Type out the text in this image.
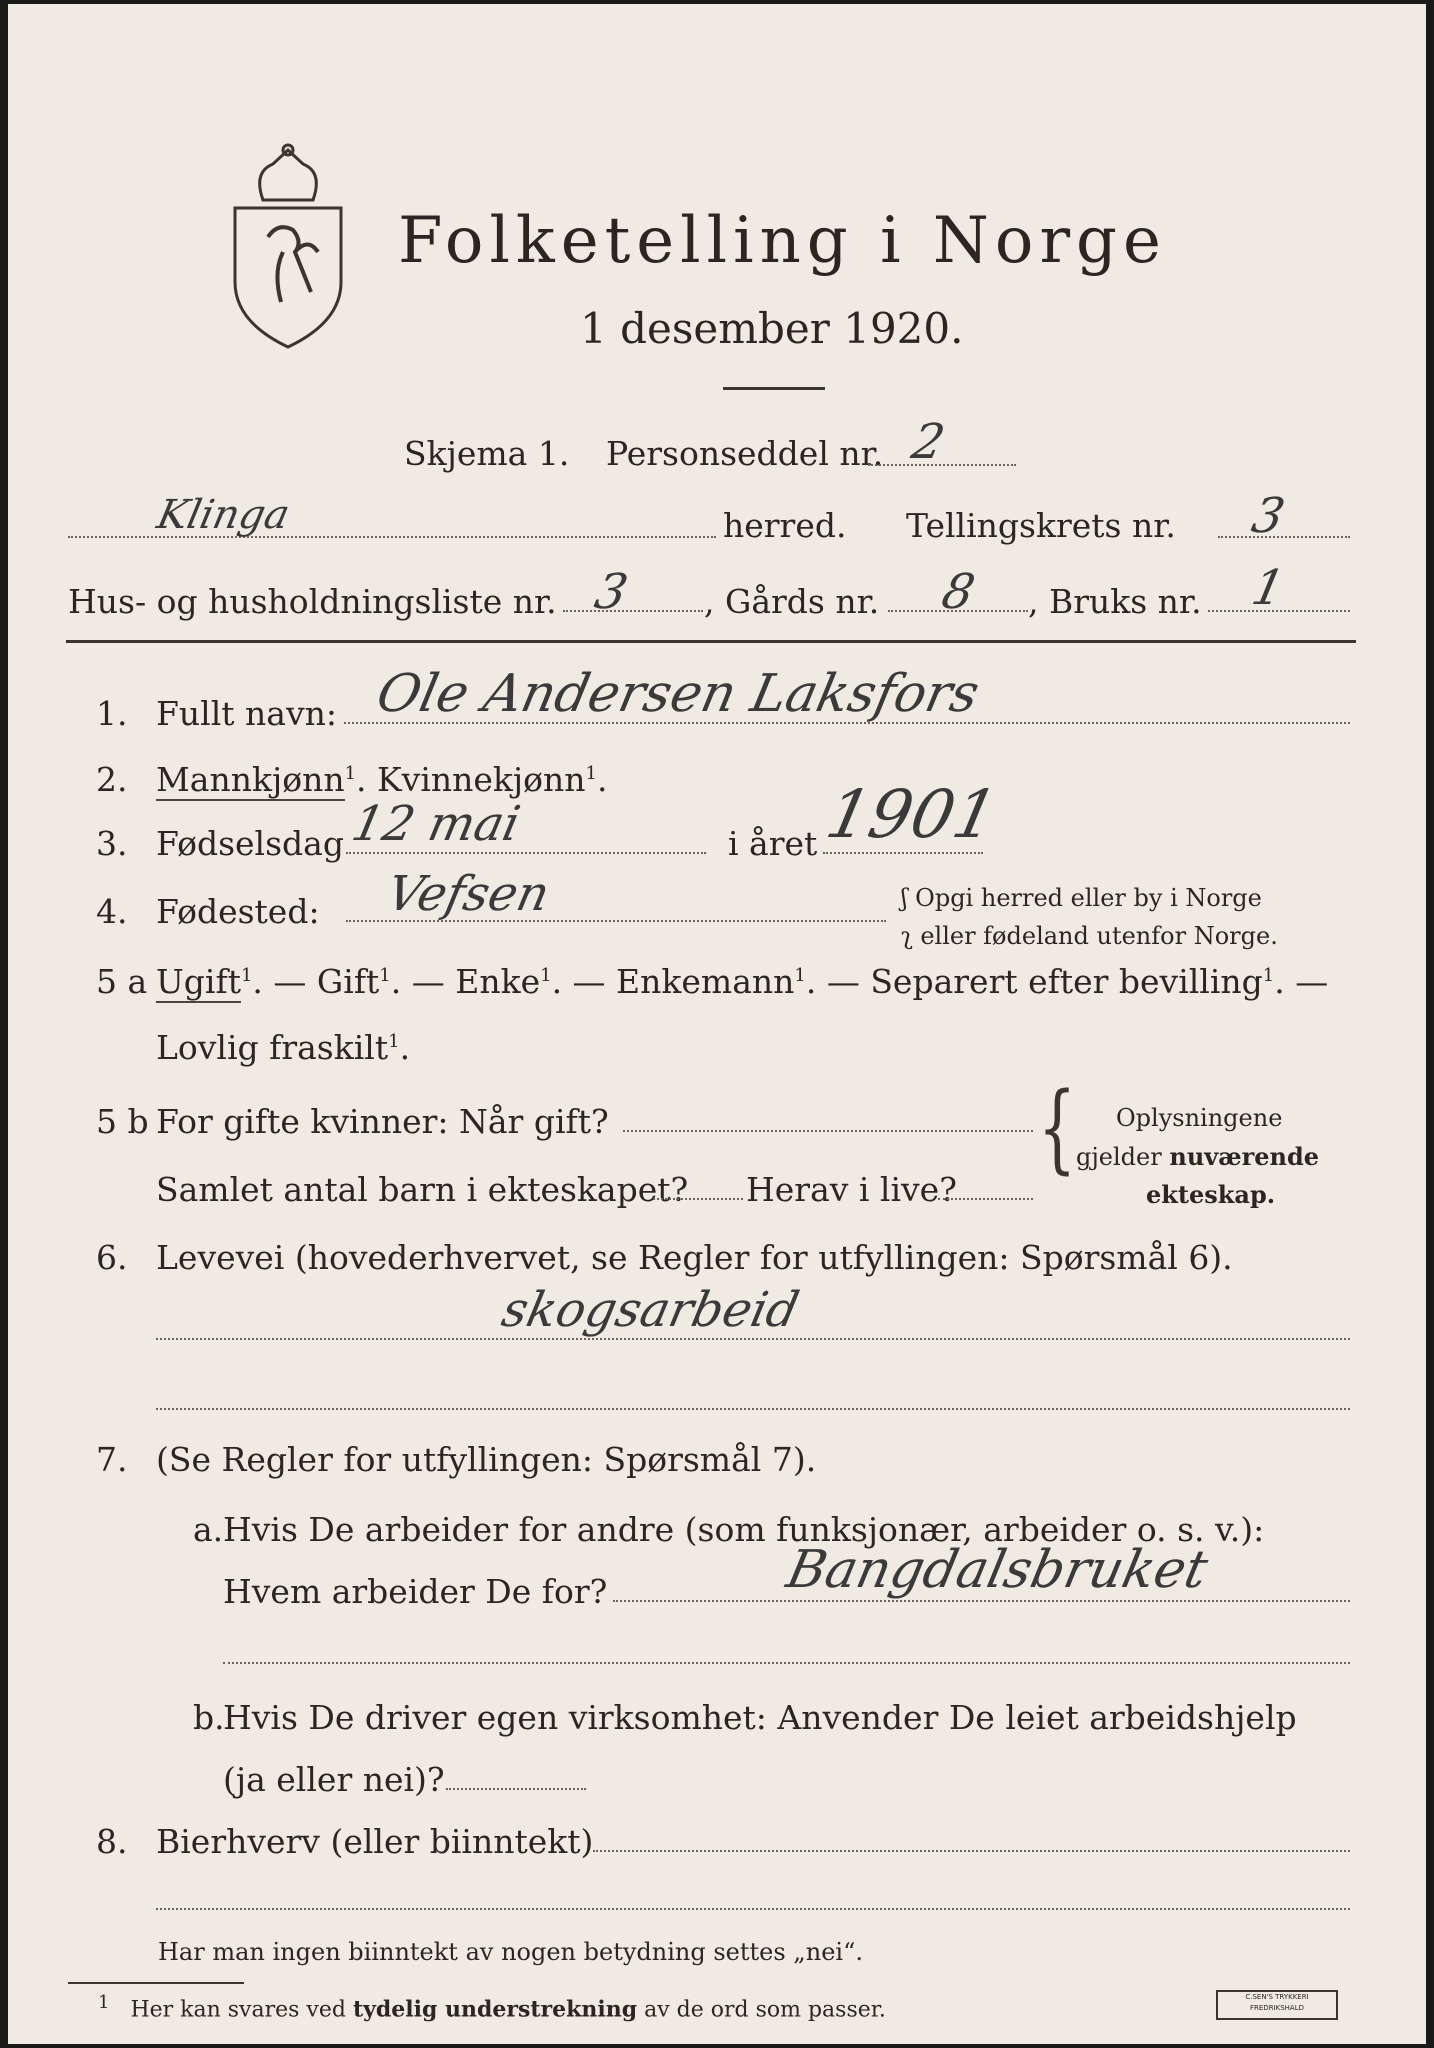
Folketelling i Norge
1 desember 1920.
Skjema 1. Personseddel nr. 2
Klinga	herred. Tellingskrets nr. 3
Hus- og husholdningsliste nr. 3 , Gårds nr. 8 , Bruks nr. 1
1. Fullt navn: Ole Andersen Laksfors
2. Mannkjønn$^1$. Kvinnekjønn$^1$.
3. Fødselsdag 12 mai	i året 1901
4. Fødested: Vefsen	ʃ Opgi herred eller by i Norge
ʅ eller fødeland utenfor Norge.
5 a Ugift$^1$. — Gift$^1$. — Enke$^1$. — Enkemann$^1$. — Separert efter bevilling$^1$. —
Lovlig fraskilt$^1$.
5 b For gifte kvinner: Når gift?
Samlet antal barn i ekteskapet? Herav i live?
{ Oplysningene
gjelder nuværende
ekteskap.
6. Levevei (hovederhvervet, se Regler for utfyllingen: Spørsmål 6).
skogsarbeid
7. (Se Regler for utfyllingen: Spørsmål 7).
a. Hvis De arbeider for andre (som funksjonær, arbeider o. s. v.):
Hvem arbeider De for?	Bangdalsbruket
b.
Hvis De driver egen virksomhet: Anvender De leiet arbeidshjelp
(ja eller nei)?
8. Bierhverv (eller biinntekt)
Har man ingen biinntekt av nogen betydning settes „nei“.
$^1$ Her kan svares ved tydelig understrekning av de ord som passer.
C.SEN'S TRYKKERI FREDRIKSHALD
